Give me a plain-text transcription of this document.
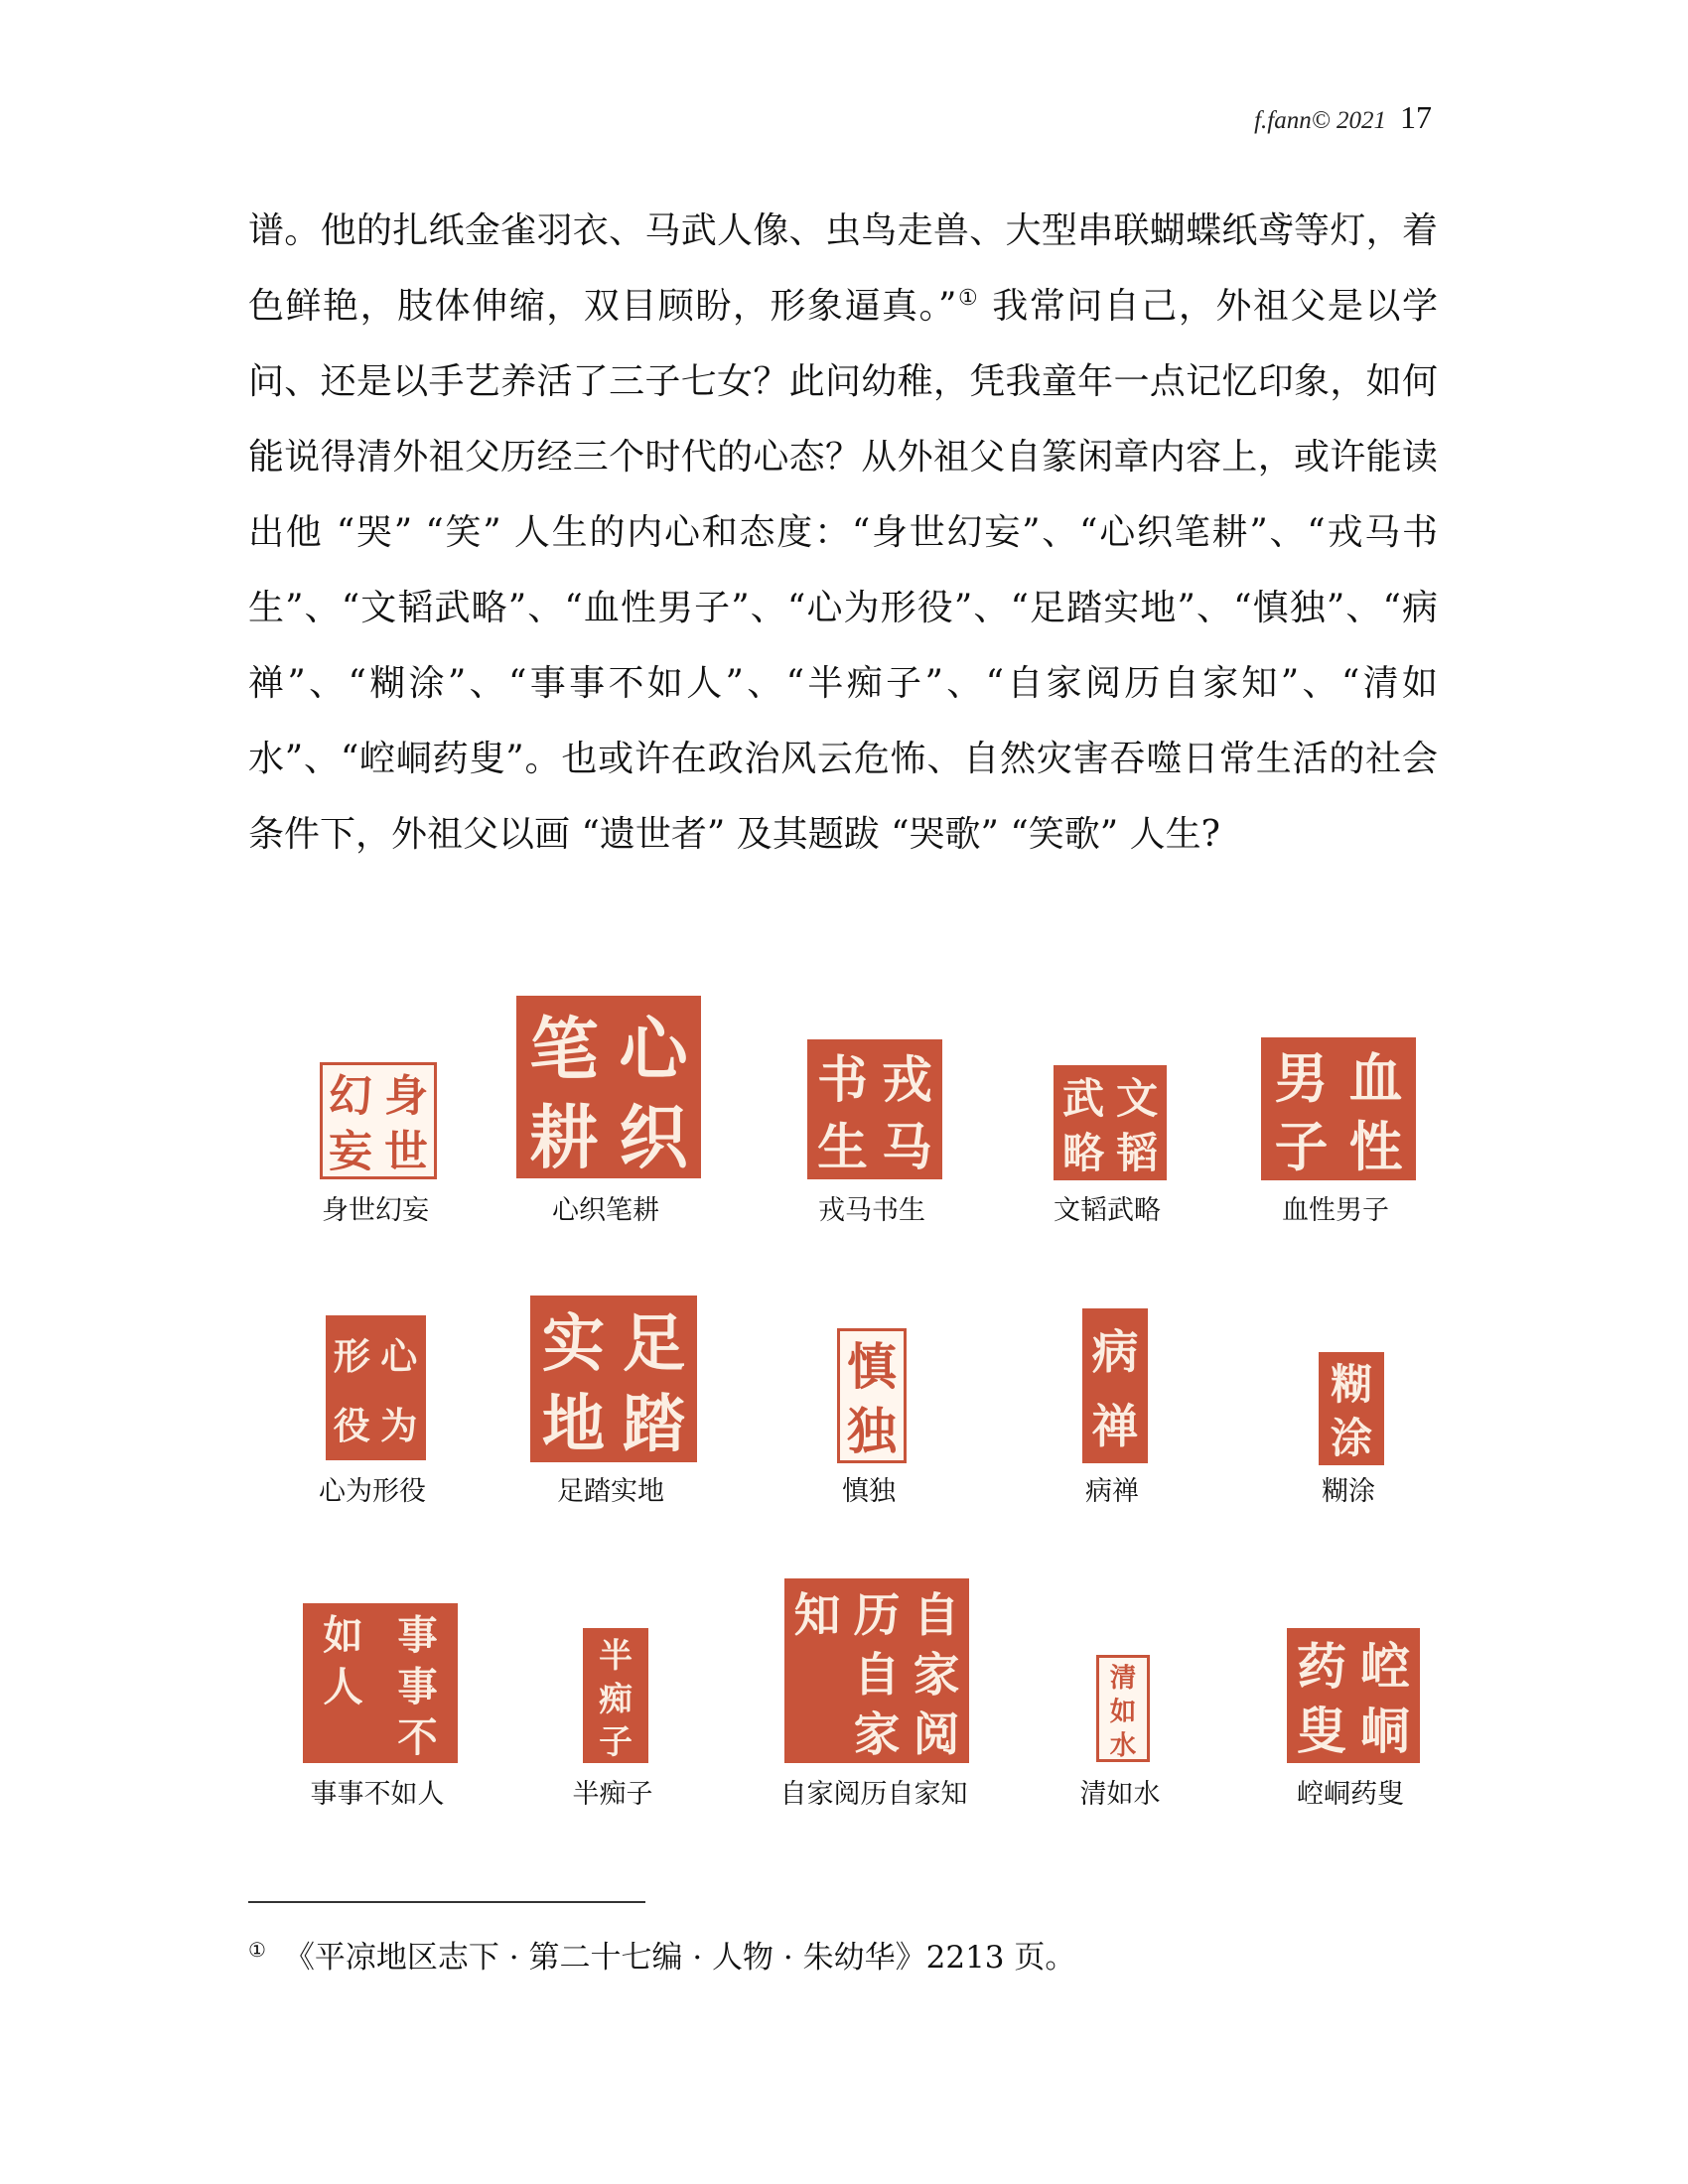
f.fann© 2021 17
谱。他的扎纸金雀羽衣、马武人像、虫鸟走兽、大型串联蝴蝶纸鸢等灯，着色鲜艳，肢体伸缩，双目顾盼，形象逼真。”① 我常问自己，外祖父是以学问、还是以手艺养活了三子七女？此问幼稚，凭我童年一点记忆印象，如何能说得清外祖父历经三个时代的心态？从外祖父自篆闲章内容上，或许能读出他 “哭” “笑” 人生的内心和态度：“身世幻妄”、“心织笔耕”、“戎马书生”、“文韬武略”、“血性男子”、“心为形役”、“足踏实地”、“慎独”、“病禅”、“糊涂”、“事事不如人”、“半痴子”、“自家阅历自家知”、“清如水”、“崆峒药叟”。也或许在政治风云危怖、自然灾害吞噬日常生活的社会条件下，外祖父以画 “遗世者” 及其题跋 “哭歌” “笑歌” 人生?
身
世
幻
妄
身世幻妄
心
织
笔
耕
心织笔耕
戎
马
书
生
戎马书生
文
韬
武
略
文韬武略
血
性
男
子
血性男子
心
为
形
役
心为形役
足
踏
实
地
足踏实地
慎
独
慎独
病
禅
病禅
糊
涂
糊涂
事
事
不
如
人
事事不如人
半
痴
子
半痴子
自
家
阅
历
自
家
知
自家阅历自家知
清
如
水
清如水
崆
峒
药
叟
崆峒药叟
① 《平凉地区志下 · 第二十七编 · 人物 · 朱幼华》2213 页。
